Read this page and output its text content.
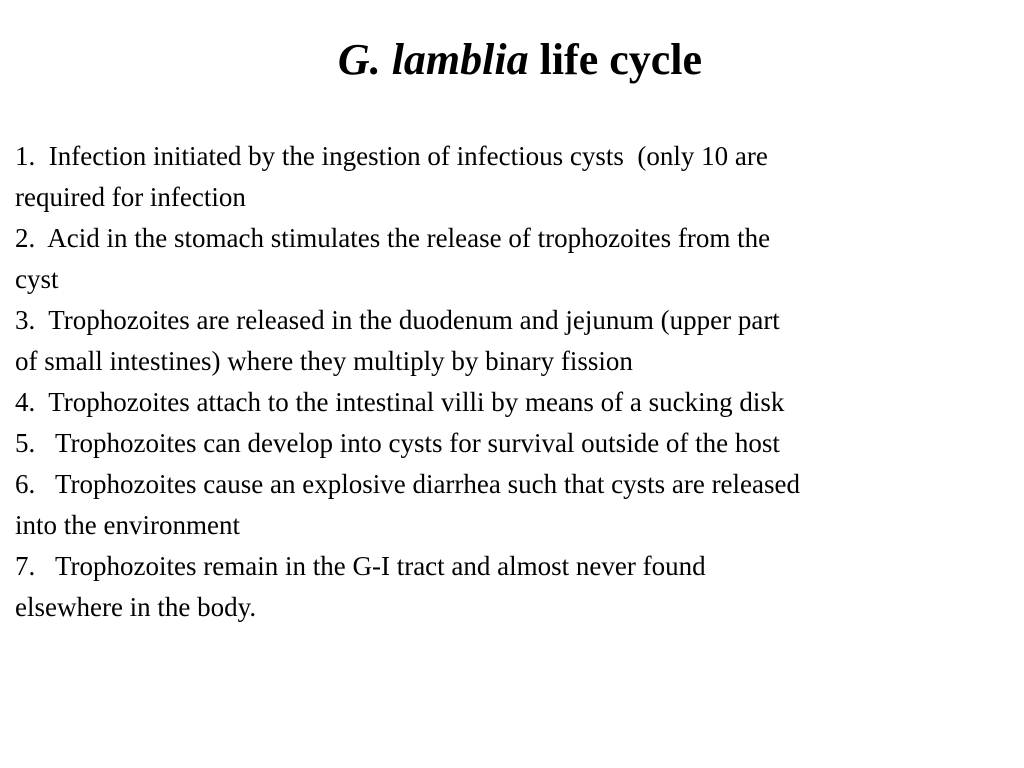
G. lamblia life cycle
1.  Infection initiated by the ingestion of infectious cysts  (only 10 are
required for infection
2.  Acid in the stomach stimulates the release of trophozoites from the
cyst
3.  Trophozoites are released in the duodenum and jejunum (upper part
of small intestines) where they multiply by binary fission
4.  Trophozoites attach to the intestinal villi by means of a sucking disk
5.   Trophozoites can develop into cysts for survival outside of the host
6.   Trophozoites cause an explosive diarrhea such that cysts are released
into the environment
7.   Trophozoites remain in the G-I tract and almost never found
elsewhere in the body.
